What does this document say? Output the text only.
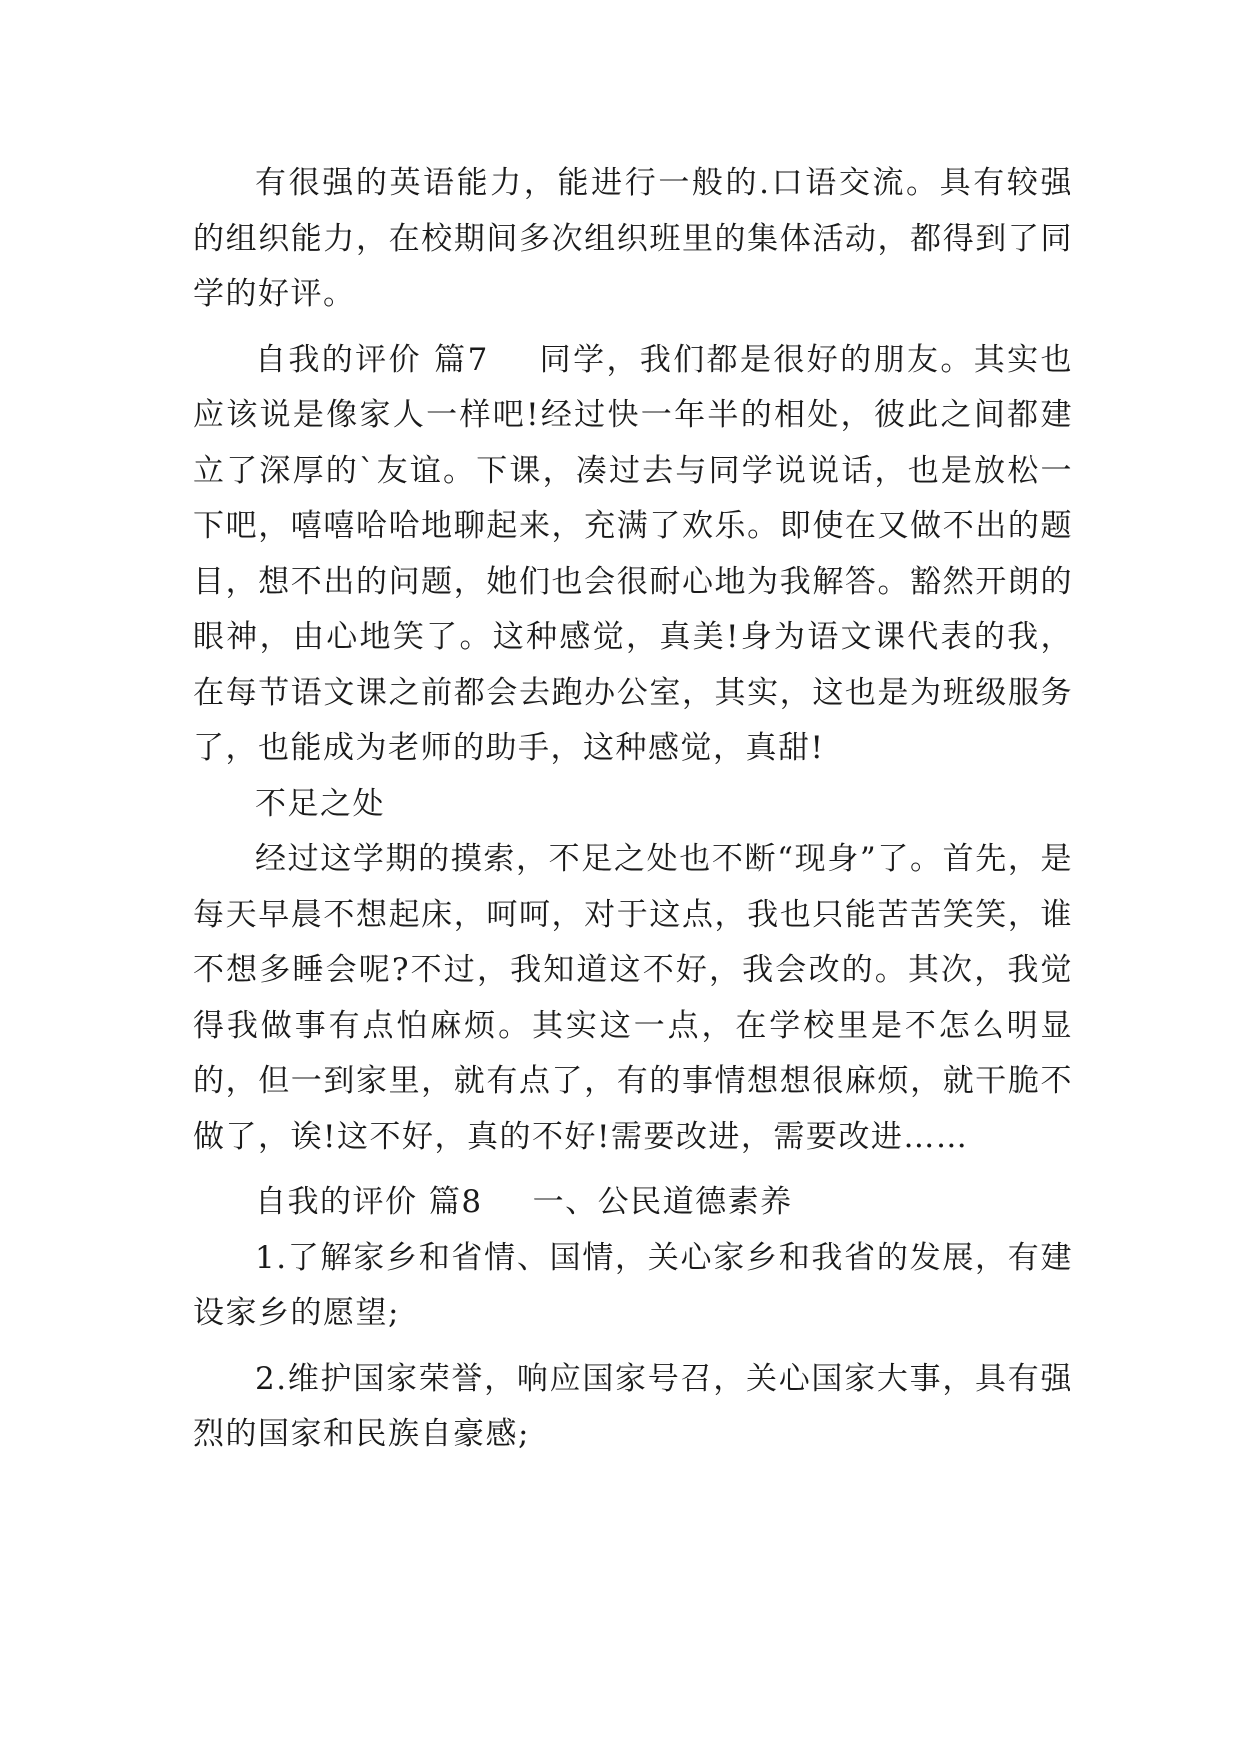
有很强的英语能力，能进行一般的.口语交流。具有较强的组织能力，在校期间多次组织班里的集体活动，都得到了同学的好评。

自我的评价 篇7 同学，我们都是很好的朋友。其实也应该说是像家人一样吧!经过快一年半的相处，彼此之间都建立了深厚的`友谊。下课，凑过去与同学说说话，也是放松一下吧，嘻嘻哈哈地聊起来，充满了欢乐。即使在又做不出的题目，想不出的问题，她们也会很耐心地为我解答。豁然开朗的眼神，由心地笑了。这种感觉，真美!身为语文课代表的我，在每节语文课之前都会去跑办公室，其实，这也是为班级服务了，也能成为老师的助手，这种感觉，真甜!

不足之处

经过这学期的摸索，不足之处也不断“现身”了。首先，是每天早晨不想起床，呵呵，对于这点，我也只能苦苦笑笑，谁不想多睡会呢?不过，我知道这不好，我会改的。其次，我觉得我做事有点怕麻烦。其实这一点，在学校里是不怎么明显的，但一到家里，就有点了，有的事情想想很麻烦，就干脆不做了，诶!这不好，真的不好!需要改进，需要改进……

自我的评价 篇8 一、公民道德素养

1.了解家乡和省情、国情，关心家乡和我省的发展，有建设家乡的愿望;

2.维护国家荣誉，响应国家号召，关心国家大事，具有强烈的国家和民族自豪感;
